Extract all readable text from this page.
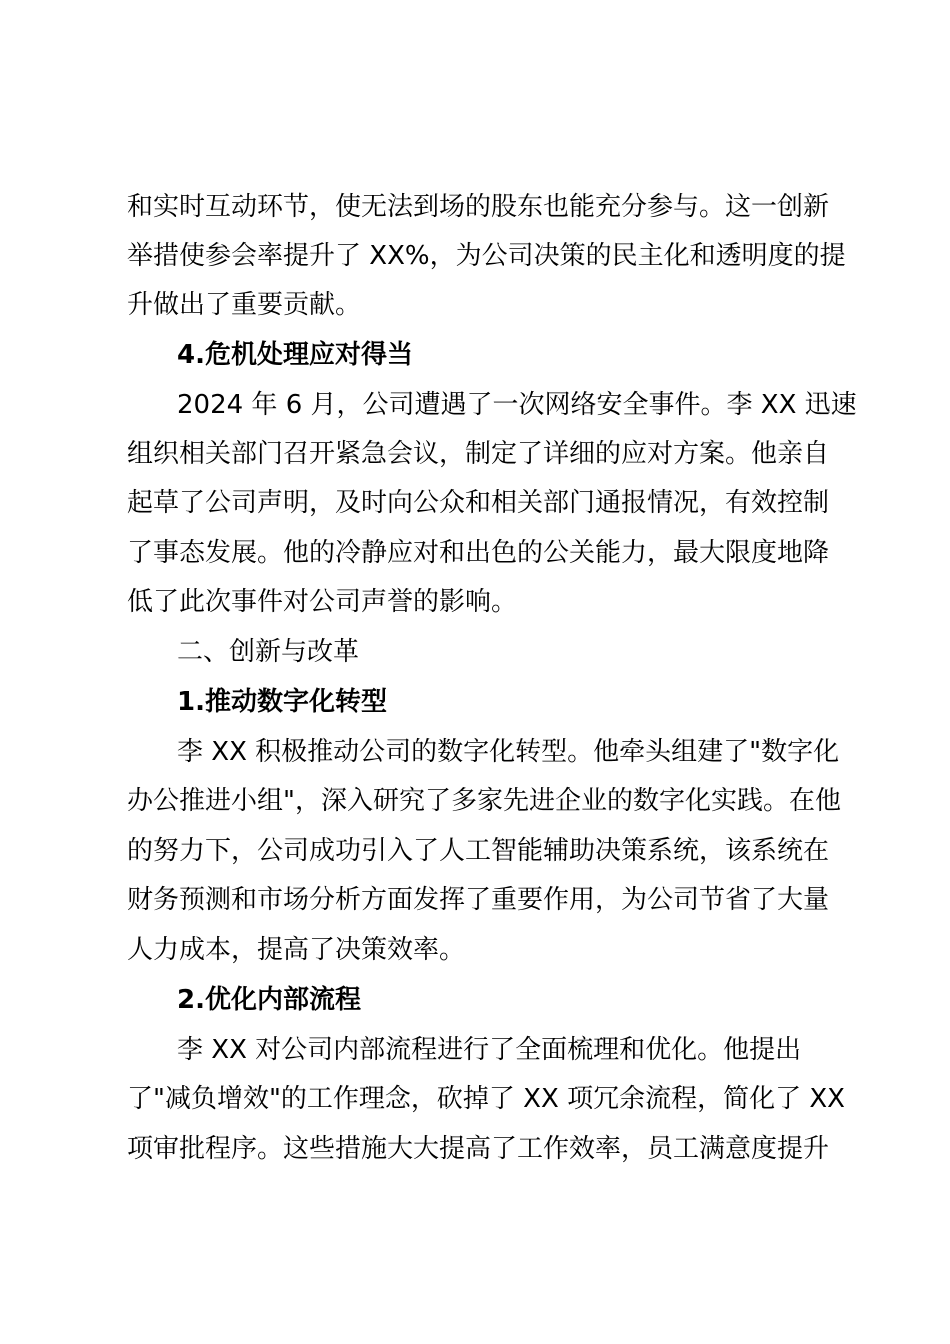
和实时互动环节，使无法到场的股东也能充分参与。这一创新
举措使参会率提升了 XX%，为公司决策的民主化和透明度的提
升做出了重要贡献。
4.危机处理应对得当
2024 年 6 月，公司遭遇了一次网络安全事件。李 XX 迅速
组织相关部门召开紧急会议，制定了详细的应对方案。他亲自
起草了公司声明，及时向公众和相关部门通报情况，有效控制
了事态发展。他的冷静应对和出色的公关能力，最大限度地降
低了此次事件对公司声誉的影响。
二、创新与改革
1.推动数字化转型
李 XX 积极推动公司的数字化转型。他牵头组建了"数字化
办公推进小组"，深入研究了多家先进企业的数字化实践。在他
的努力下，公司成功引入了人工智能辅助决策系统，该系统在
财务预测和市场分析方面发挥了重要作用，为公司节省了大量
人力成本，提高了决策效率。
2.优化内部流程
李 XX 对公司内部流程进行了全面梳理和优化。他提出
了"减负增效"的工作理念，砍掉了 XX 项冗余流程，简化了 XX
项审批程序。这些措施大大提高了工作效率，员工满意度提升
